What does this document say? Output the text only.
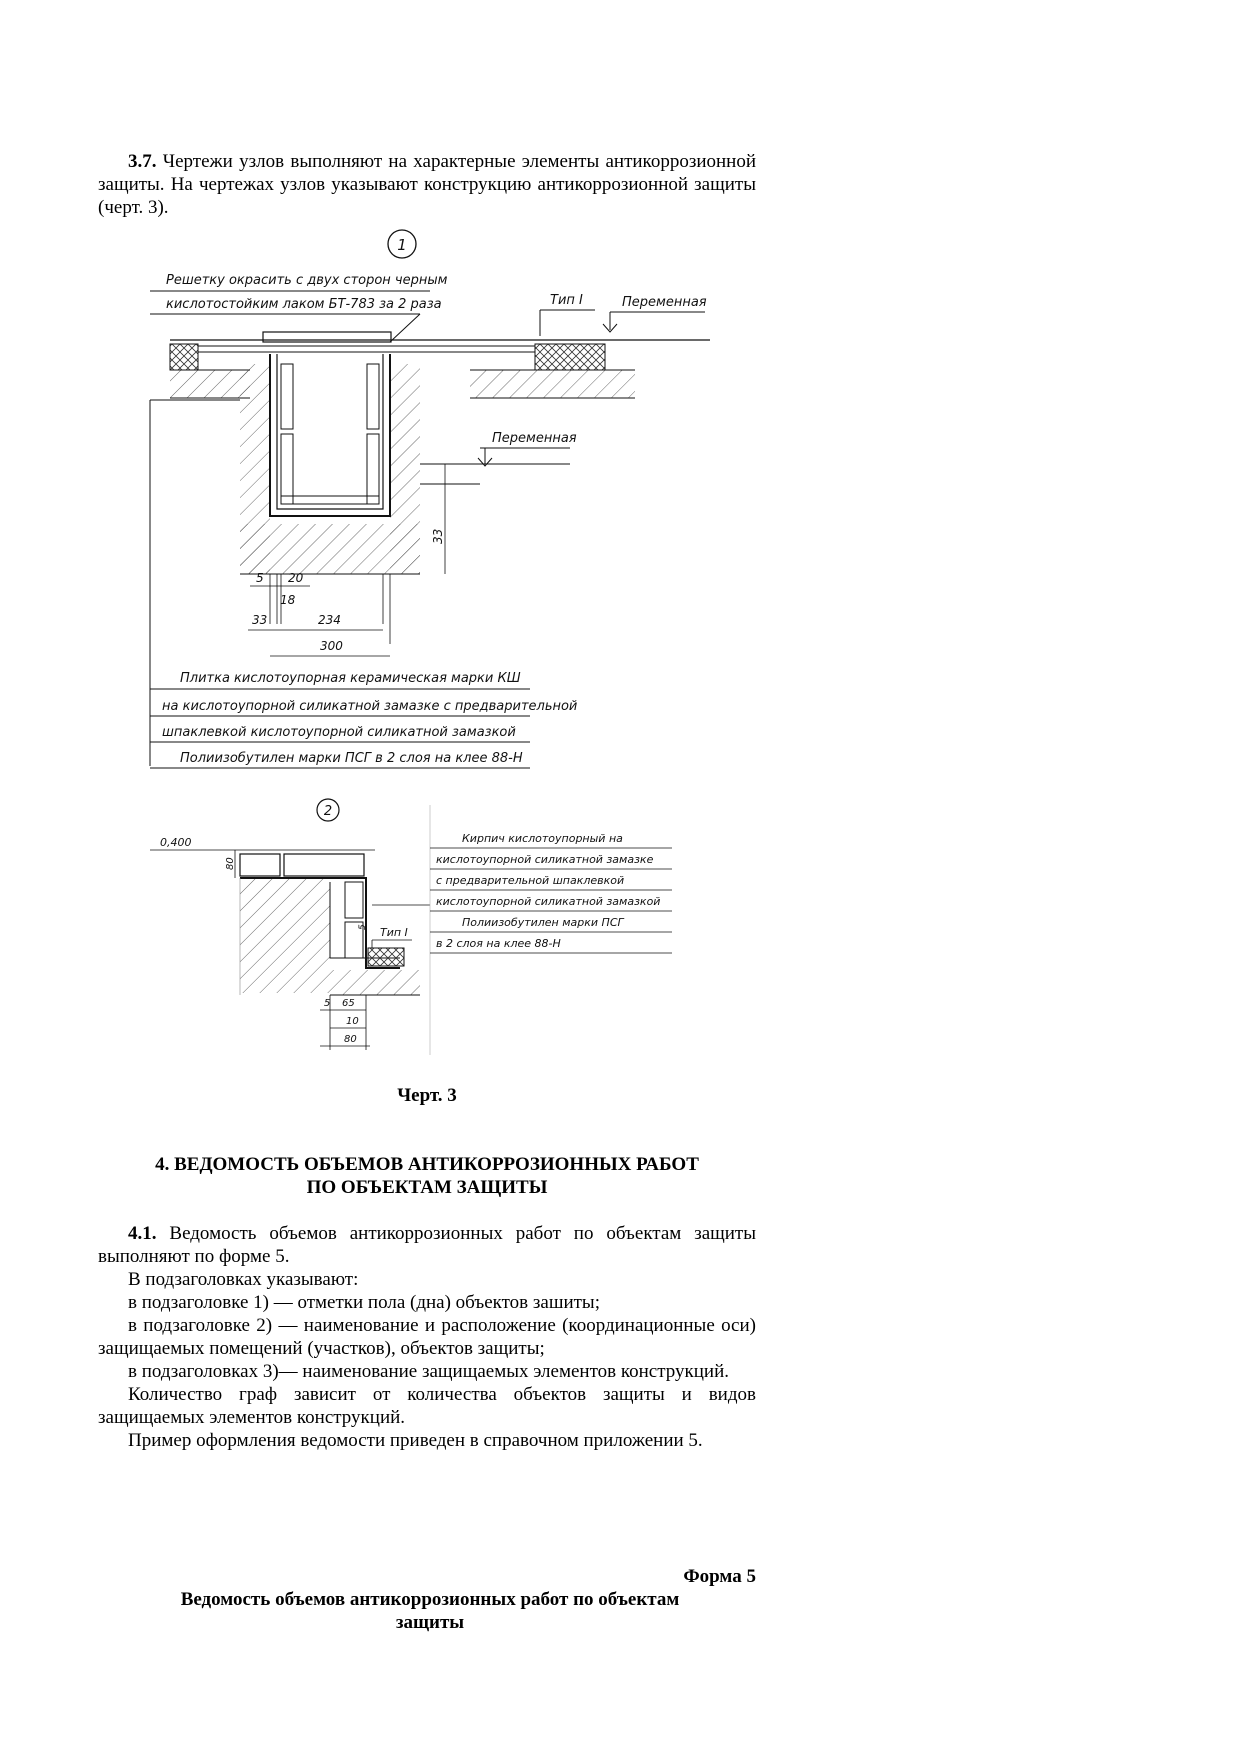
3.7. Чертежи узлов выполняют на характерные элементы антикоррозионной защиты. На чертежах узлов указывают конструкцию антикоррозионной защиты (черт. 3).

1
Решетку окрасить с двух сторон черным
кислотостойким лаком БТ-783 за 2 раза	Тип I	Переменная
Переменная
33
5 20
18
33	234
300
Плитка кислотоупорная керамическая марки КШ
на кислотоупорной силикатной замазке с предварительной
шпаклевкой кислотоупорной силикатной замазкой
Полиизобутилен марки ПСГ в 2 слоя на клее 88-Н
2
0,400
80
Тип I
5
5 65
10
80
Кирпич кислотоупорный на
кислотоупорной силикатной замазке
с предварительной шпаклевкой
кислотоупорной силикатной замазкой
Полиизобутилен марки ПСГ
в 2 слоя на клее 88-Н
Черт. 3
4. ВЕДОМОСТЬ ОБЪЕМОВ АНТИКОРРОЗИОННЫХ РАБОТ
ПО ОБЪЕКТАМ ЗАЩИТЫ

4.1. Ведомость объемов антикоррозионных работ по объектам защиты выполняют по форме 5.

В подзаголовках указывают:

в подзаголовке 1) — отметки пола (дна) объектов зашиты;

в подзаголовке 2) — наименование и расположение (координационные оси) защищаемых помещений (участков), объектов защиты;

в подзаголовках 3)— наименование защищаемых элементов конструкций.

Количество граф зависит от количества объектов защиты и видов защищаемых элементов конструкций.

Пример оформления ведомости приведен в справочном приложении 5.

Форма 5

Ведомость объемов антикоррозионных работ по объектам
защиты
